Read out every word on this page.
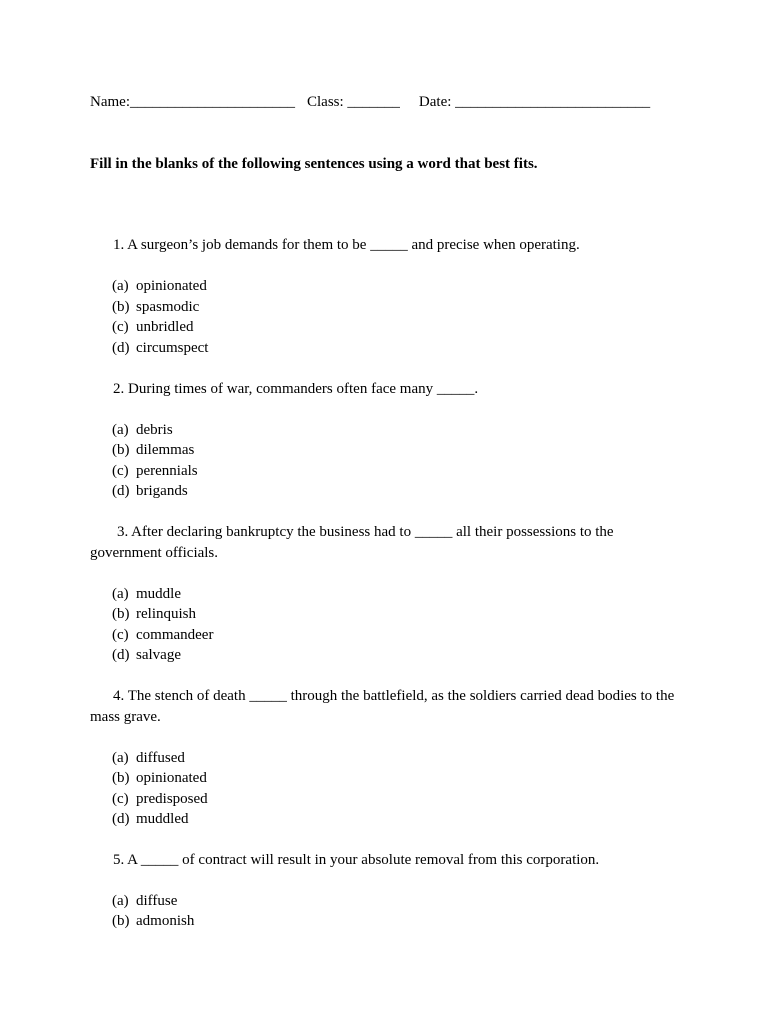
Name:______________________ Class: _______ Date: __________________________
Fill in the blanks of the following sentences using a word that best fits.
1. A surgeon’s job demands for them to be _____ and precise when operating.
(a) opinionated
(b) spasmodic
(c) unbridled
(d) circumspect
2. During times of war, commanders often face many _____.
(a) debris
(b) dilemmas
(c) perennials
(d) brigands
3. After declaring bankruptcy the business had to _____ all their possessions to the government officials.
(a) muddle
(b) relinquish
(c) commandeer
(d) salvage
4. The stench of death _____ through the battlefield, as the soldiers carried dead bodies to the mass grave.
(a) diffused
(b) opinionated
(c) predisposed
(d) muddled
5. A _____ of contract will result in your absolute removal from this corporation.
(a) diffuse
(b) admonish
